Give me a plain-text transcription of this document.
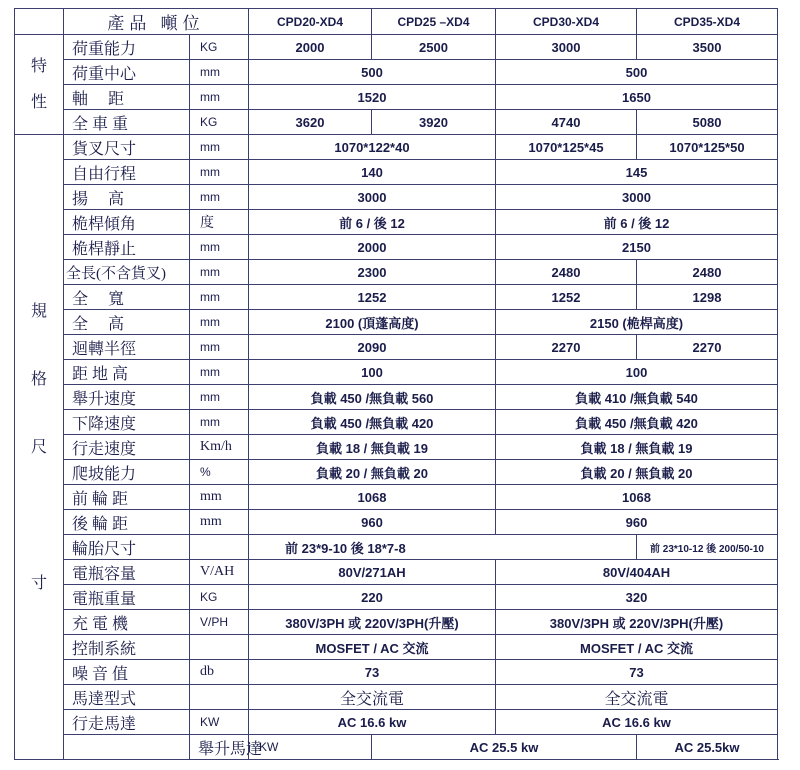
	產品 噸位		CPD20-XD4	CPD25 –XD4	CPD30-XD4	CPD35-XD4
特

性	荷重能力	KG	2000	2500	3000	3500
	荷重中心	mm	500		500	
	軸　 距	mm	1520		1650	
	全 車 重	KG	3620	3920	4740	5080
規

格

尺

寸	貨叉尺寸	mm	1070*122*40		1070*125*45	1070*125*50
	自由行程	mm	140		145	
	揚　 高	mm	3000		3000	
	桅桿傾角	度	前 6 / 後 12		前 6 / 後 12	
	桅桿靜止	mm	2000		2150	
	全長(不含貨叉)	mm	2300		2480	2480
	全　 寬	mm	1252		1252	1298
	全　 高	mm	2100 (頂蓬高度)		2150 (桅桿高度)	
	迴轉半徑	mm	2090		2270	2270
	距 地 高	mm	100		100	
	舉升速度	mm	負載 450 /無負載 560		負載 410 /無負載 540	
	下降速度	mm	負載 450 /無負載 420		負載 450 /無負載 420	
	行走速度	Km/h	負載 18 / 無負載 19		負載 18 / 無負載 19	
	爬坡能力	%	負載 20 / 無負載 20		負載 20 / 無負載 20	
	前 輪 距	mm	1068		1068	
	後 輪 距	mm	960		960	
	輪胎尺寸		前 23*9-10 後 18*7-8			前 23*10-12 後 200/50-10
	電瓶容量	V/AH	80V/271AH		80V/404AH	
	電瓶重量	KG	220		320	
	充 電 機	V/PH	380V/3PH 或 220V/3PH(升壓)		380V/3PH 或 220V/3PH(升壓)	
	控制系統		MOSFET / AC 交流		MOSFET / AC 交流	
	噪 音 值	db	73		73	
	馬達型式		全交流電		全交流電	
	行走馬達	KW	AC 16.6 kw		AC 16.6 kw	
		舉升馬達	KW	AC 25.5 kw		AC 25.5kw
